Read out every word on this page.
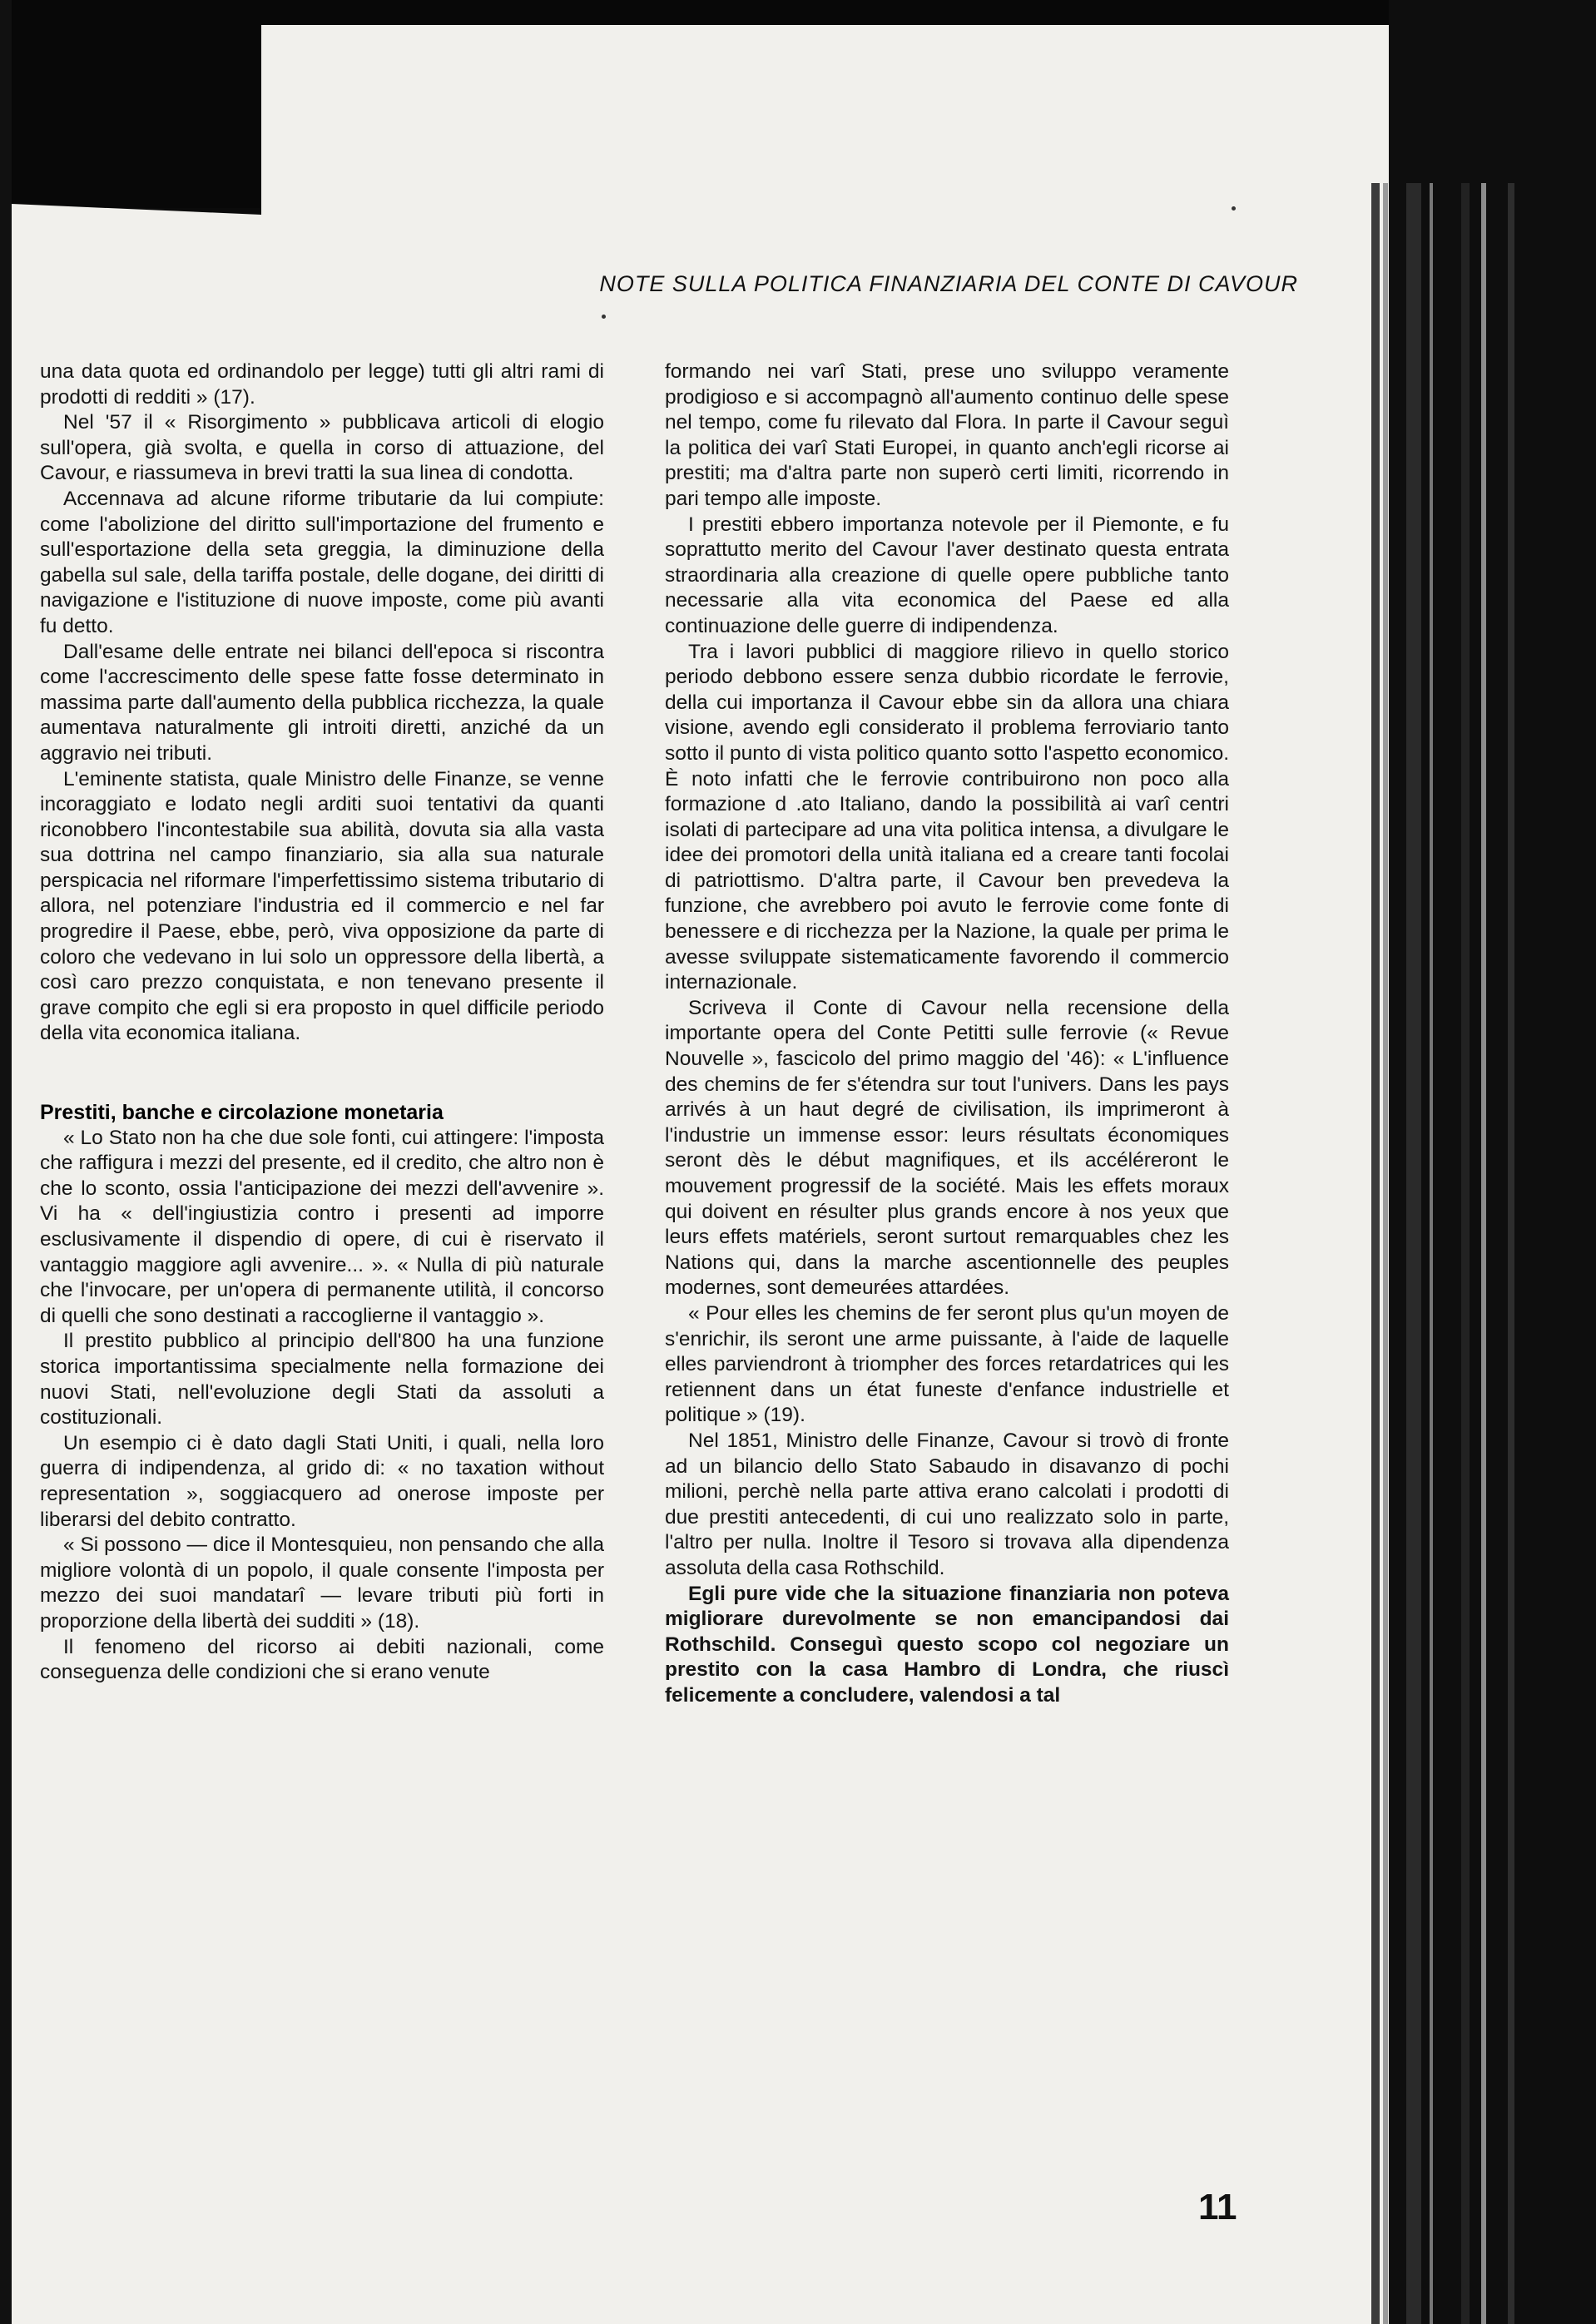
NOTE SULLA POLITICA FINANZIARIA DEL CONTE DI CAVOUR

una data quota ed ordinandolo per legge) tutti gli altri rami di prodotti di redditi » (17).

Nel '57 il « Risorgimento » pubblicava articoli di elogio sull'opera, già svolta, e quella in corso di attuazione, del Cavour, e riassumeva in brevi tratti la sua linea di condotta.

Accennava ad alcune riforme tributarie da lui compiute: come l'abolizione del diritto sull'importazione del frumento e sull'esportazione della seta greggia, la diminuzione della gabella sul sale, della tariffa postale, delle dogane, dei diritti di navigazione e l'istituzione di nuove imposte, come più avanti fu detto.

Dall'esame delle entrate nei bilanci dell'epoca si riscontra come l'accrescimento delle spese fatte fosse determinato in massima parte dall'aumento della pubblica ricchezza, la quale aumentava naturalmente gli introiti diretti, anziché da un aggravio nei tributi.

L'eminente statista, quale Ministro delle Finanze, se venne incoraggiato e lodato negli arditi suoi tentativi da quanti riconobbero l'incontestabile sua abilità, dovuta sia alla vasta sua dottrina nel campo finanziario, sia alla sua naturale perspicacia nel riformare l'imperfettissimo sistema tributario di allora, nel potenziare l'industria ed il commercio e nel far progredire il Paese, ebbe, però, viva opposizione da parte di coloro che vedevano in lui solo un oppressore della libertà, a così caro prezzo conquistata, e non tenevano presente il grave compito che egli si era proposto in quel difficile periodo della vita economica italiana.

Prestiti, banche e circolazione monetaria

« Lo Stato non ha che due sole fonti, cui attingere: l'imposta che raffigura i mezzi del presente, ed il credito, che altro non è che lo sconto, ossia l'anticipazione dei mezzi dell'avvenire ». Vi ha « dell'ingiustizia contro i presenti ad imporre esclusivamente il dispendio di opere, di cui è riservato il vantaggio maggiore agli avvenire... ». « Nulla di più naturale che l'invocare, per un'opera di permanente utilità, il concorso di quelli che sono destinati a raccoglierne il vantaggio ».

Il prestito pubblico al principio dell'800 ha una funzione storica importantissima specialmente nella formazione dei nuovi Stati, nell'evoluzione degli Stati da assoluti a costituzionali.

Un esempio ci è dato dagli Stati Uniti, i quali, nella loro guerra di indipendenza, al grido di: « no taxation without representation », soggiacquero ad onerose imposte per liberarsi del debito contratto.

« Si possono — dice il Montesquieu, non pensando che alla migliore volontà di un popolo, il quale consente l'imposta per mezzo dei suoi mandatarî — levare tributi più forti in proporzione della libertà dei sudditi » (18).

Il fenomeno del ricorso ai debiti nazionali, come conseguenza delle condizioni che si erano venute

formando nei varî Stati, prese uno sviluppo veramente prodigioso e si accompagnò all'aumento continuo delle spese nel tempo, come fu rilevato dal Flora. In parte il Cavour seguì la politica dei varî Stati Europei, in quanto anch'egli ricorse ai prestiti; ma d'altra parte non superò certi limiti, ricorrendo in pari tempo alle imposte.

I prestiti ebbero importanza notevole per il Piemonte, e fu soprattutto merito del Cavour l'aver destinato questa entrata straordinaria alla creazione di quelle opere pubbliche tanto necessarie alla vita economica del Paese ed alla continuazione delle guerre di indipendenza.

Tra i lavori pubblici di maggiore rilievo in quello storico periodo debbono essere senza dubbio ricordate le ferrovie, della cui importanza il Cavour ebbe sin da allora una chiara visione, avendo egli considerato il problema ferroviario tanto sotto il punto di vista politico quanto sotto l'aspetto economico. È noto infatti che le ferrovie contribuirono non poco alla formazione d .ato Italiano, dando la possibilità ai varî centri isolati di partecipare ad una vita politica intensa, a divulgare le idee dei promotori della unità italiana ed a creare tanti focolai di patriottismo. D'altra parte, il Cavour ben prevedeva la funzione, che avrebbero poi avuto le ferrovie come fonte di benessere e di ricchezza per la Nazione, la quale per prima le avesse sviluppate sistematicamente favorendo il commercio internazionale.

Scriveva il Conte di Cavour nella recensione della importante opera del Conte Petitti sulle ferrovie (« Revue Nouvelle », fascicolo del primo maggio del '46): « L'influence des chemins de fer s'étendra sur tout l'univers. Dans les pays arrivés à un haut degré de civilisation, ils imprimeront à l'industrie un immense essor: leurs résultats économiques seront dès le début magnifiques, et ils accéléreront le mouvement progressif de la société. Mais les effets moraux qui doivent en résulter plus grands encore à nos yeux que leurs effets matériels, seront surtout remarquables chez les Nations qui, dans la marche ascentionnelle des peuples modernes, sont demeurées attardées.

« Pour elles les chemins de fer seront plus qu'un moyen de s'enrichir, ils seront une arme puissante, à l'aide de laquelle elles parviendront à triompher des forces retardatrices qui les retiennent dans un état funeste d'enfance industrielle et politique » (19).

Nel 1851, Ministro delle Finanze, Cavour si trovò di fronte ad un bilancio dello Stato Sabaudo in disavanzo di pochi milioni, perchè nella parte attiva erano calcolati i prodotti di due prestiti antecedenti, di cui uno realizzato solo in parte, l'altro per nulla. Inoltre il Tesoro si trovava alla dipendenza assoluta della casa Rothschild.

Egli pure vide che la situazione finanziaria non poteva migliorare durevolmente se non emancipandosi dai Rothschild. Conseguì questo scopo col negoziare un prestito con la casa Hambro di Londra, che riuscì felicemente a concludere, valendosi a tal

11
